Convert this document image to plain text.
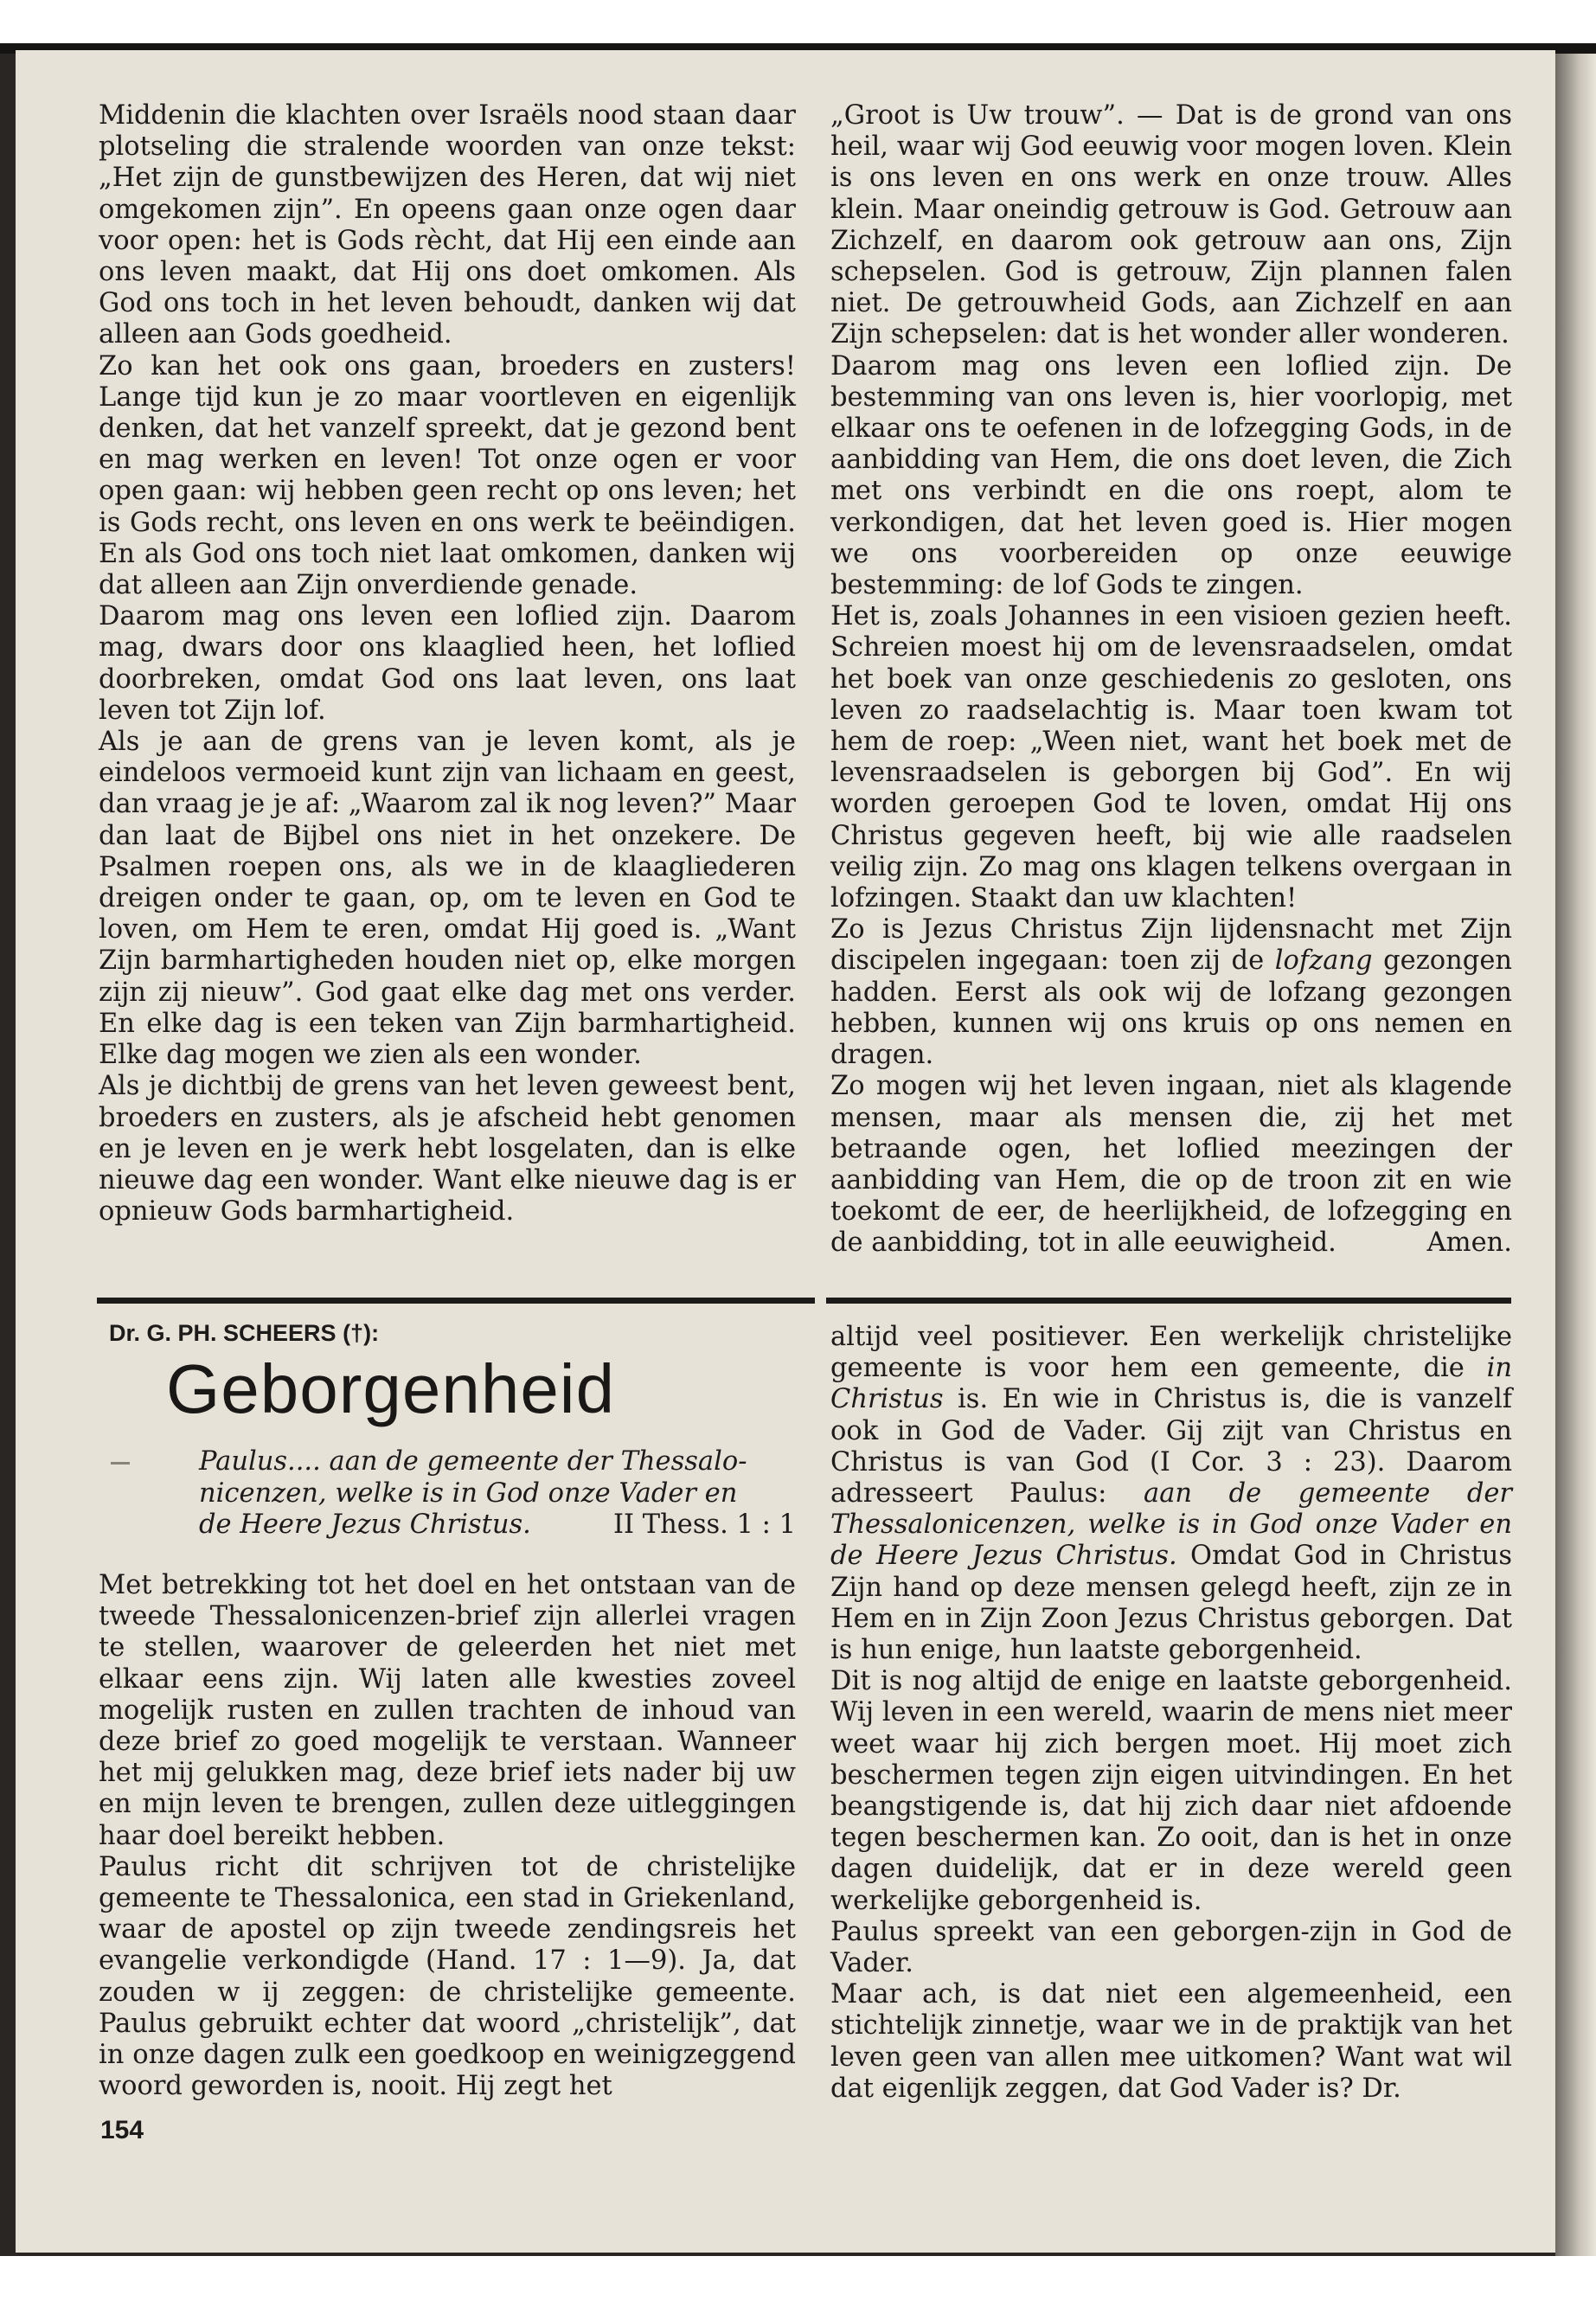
Middenin die klachten over Israëls nood staan daar plotseling die stralende woorden van onze tekst: „Het zijn de gunstbewijzen des Heren, dat wij niet omgekomen zijn”. En opeens gaan onze ogen daar voor open: het is Gods rècht, dat Hij een einde aan ons leven maakt, dat Hij ons doet omkomen. Als God ons toch in het leven behoudt, danken wij dat alleen aan Gods goedheid.

Zo kan het ook ons gaan, broeders en zusters! Lange tijd kun je zo maar voortleven en eigenlijk denken, dat het vanzelf spreekt, dat je gezond bent en mag werken en leven! Tot onze ogen er voor open gaan: wij hebben geen recht op ons leven; het is Gods recht, ons leven en ons werk te beëindigen. En als God ons toch niet laat omkomen, danken wij dat alleen aan Zijn onverdiende genade.

Daarom mag ons leven een loflied zijn. Daarom mag, dwars door ons klaaglied heen, het loflied doorbreken, omdat God ons laat leven, ons laat leven tot Zijn lof.

Als je aan de grens van je leven komt, als je eindeloos vermoeid kunt zijn van lichaam en geest, dan vraag je je af: „Waarom zal ik nog leven?” Maar dan laat de Bijbel ons niet in het onzekere. De Psalmen roepen ons, als we in de klaagliederen dreigen onder te gaan, op, om te leven en God te loven, om Hem te eren, omdat Hij goed is. „Want Zijn barmhartigheden houden niet op, elke morgen zijn zij nieuw”. God gaat elke dag met ons verder. En elke dag is een teken van Zijn barmhartigheid. Elke dag mogen we zien als een wonder.

Als je dichtbij de grens van het leven geweest bent, broeders en zusters, als je afscheid hebt genomen en je leven en je werk hebt losgelaten, dan is elke nieuwe dag een wonder. Want elke nieuwe dag is er opnieuw Gods barmhartigheid.

„Groot is Uw trouw”. — Dat is de grond van ons heil, waar wij God eeuwig voor mogen loven. Klein is ons leven en ons werk en onze trouw. Alles klein. Maar oneindig getrouw is God. Getrouw aan Zichzelf, en daarom ook getrouw aan ons, Zijn schepselen. God is getrouw, Zijn plannen falen niet. De getrouwheid Gods, aan Zichzelf en aan Zijn schepselen: dat is het wonder aller wonderen.

Daarom mag ons leven een loflied zijn. De bestemming van ons leven is, hier voorlopig, met elkaar ons te oefenen in de lofzegging Gods, in de aanbidding van Hem, die ons doet leven, die Zich met ons verbindt en die ons roept, alom te verkondigen, dat het leven goed is. Hier mogen we ons voorbereiden op onze eeuwige bestemming: de lof Gods te zingen.

Het is, zoals Johannes in een visioen gezien heeft. Schreien moest hij om de levensraadselen, omdat het boek van onze geschiedenis zo gesloten, ons leven zo raadselachtig is. Maar toen kwam tot hem de roep: „Ween niet, want het boek met de levensraadselen is geborgen bij God”. En wij worden geroepen God te loven, omdat Hij ons Christus gegeven heeft, bij wie alle raadselen veilig zijn. Zo mag ons klagen telkens overgaan in lofzingen. Staakt dan uw klachten!

Zo is Jezus Christus Zijn lijdensnacht met Zijn discipelen ingegaan: toen zij de lofzang gezongen hadden. Eerst als ook wij de lofzang gezongen hebben, kunnen wij ons kruis op ons nemen en dragen.

Zo mogen wij het leven ingaan, niet als klagende mensen, maar als mensen die, zij het met betraande ogen, het loflied meezingen der aanbidding van Hem, die op de troon zit en wie toekomt de eer, de heerlijkheid, de lofzegging en de aanbidding, tot in alle eeuwigheid.	Amen.

Dr. G. PH. SCHEERS (†):
Geborgenheid
Paulus.... aan de gemeente der Thessalo-
nicenzen, welke is in God onze Vader en
de Heere Jezus Christus.	II Thess. 1 : 1

Met betrekking tot het doel en het ontstaan van de tweede Thessalonicenzen-brief zijn allerlei vragen te stellen, waarover de geleerden het niet met elkaar eens zijn. Wij laten alle kwesties zoveel mogelijk rusten en zullen trachten de inhoud van deze brief zo goed mogelijk te verstaan. Wanneer het mij gelukken mag, deze brief iets nader bij uw en mijn leven te brengen, zullen deze uitleggingen haar doel bereikt hebben.

Paulus richt dit schrijven tot de christelijke gemeente te Thessalonica, een stad in Griekenland, waar de apostel op zijn tweede zendingsreis het evangelie verkondigde (Hand. 17 : 1—9). Ja, dat zouden w ij zeggen: de christelijke gemeente. Paulus gebruikt echter dat woord „christelijk”, dat in onze dagen zulk een goedkoop en weinigzeggend woord geworden is, nooit. Hij zegt het

altijd veel positiever. Een werkelijk christelijke gemeente is voor hem een gemeente, die in Christus is. En wie in Christus is, die is vanzelf ook in God de Vader. Gij zijt van Christus en Christus is van God (I Cor. 3 : 23). Daarom adresseert Paulus: aan de gemeente der Thessalonicenzen, welke is in God onze Vader en de Heere Jezus Christus. Omdat God in Christus Zijn hand op deze mensen gelegd heeft, zijn ze in Hem en in Zijn Zoon Jezus Christus geborgen. Dat is hun enige, hun laatste geborgenheid.

Dit is nog altijd de enige en laatste geborgenheid. Wij leven in een wereld, waarin de mens niet meer weet waar hij zich bergen moet. Hij moet zich beschermen tegen zijn eigen uitvindingen. En het beangstigende is, dat hij zich daar niet afdoende tegen beschermen kan. Zo ooit, dan is het in onze dagen duidelijk, dat er in deze wereld geen werkelijke geborgenheid is.

Paulus spreekt van een geborgen-zijn in God de Vader.

Maar ach, is dat niet een algemeenheid, een stichtelijk zinnetje, waar we in de praktijk van het leven geen van allen mee uitkomen? Want wat wil dat eigenlijk zeggen, dat God Vader is? Dr.

154
